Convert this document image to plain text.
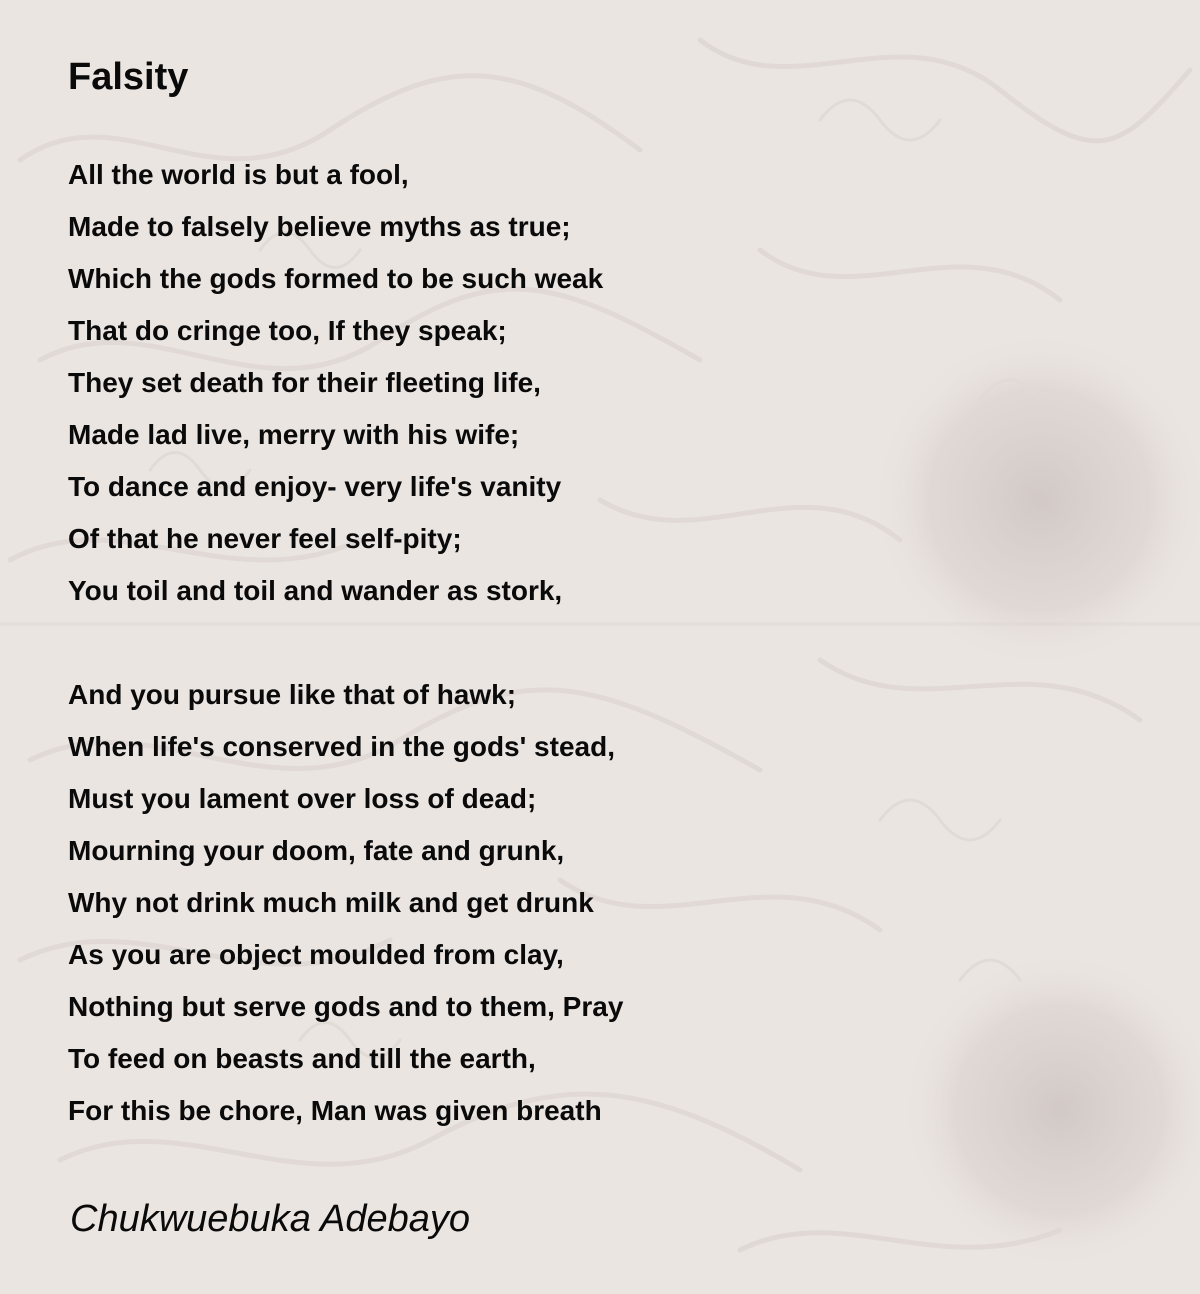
Falsity
All the world is but a fool,
Made to falsely believe myths as true;
Which the gods formed to be such weak
That do cringe too, If they speak;
They set death for their fleeting life,
Made lad live, merry with his wife;
To dance and enjoy- very life's vanity
Of that he never feel self-pity;
You toil and toil and wander as stork,
And you pursue like that of hawk;
When life's conserved in the gods' stead,
Must you lament over loss of dead;
Mourning your doom, fate and grunk,
Why not drink much milk and get drunk
As you are object moulded from clay,
Nothing but serve gods and to them, Pray
To feed on beasts and till the earth,
For this be chore, Man was given breath
Chukwuebuka Adebayo
